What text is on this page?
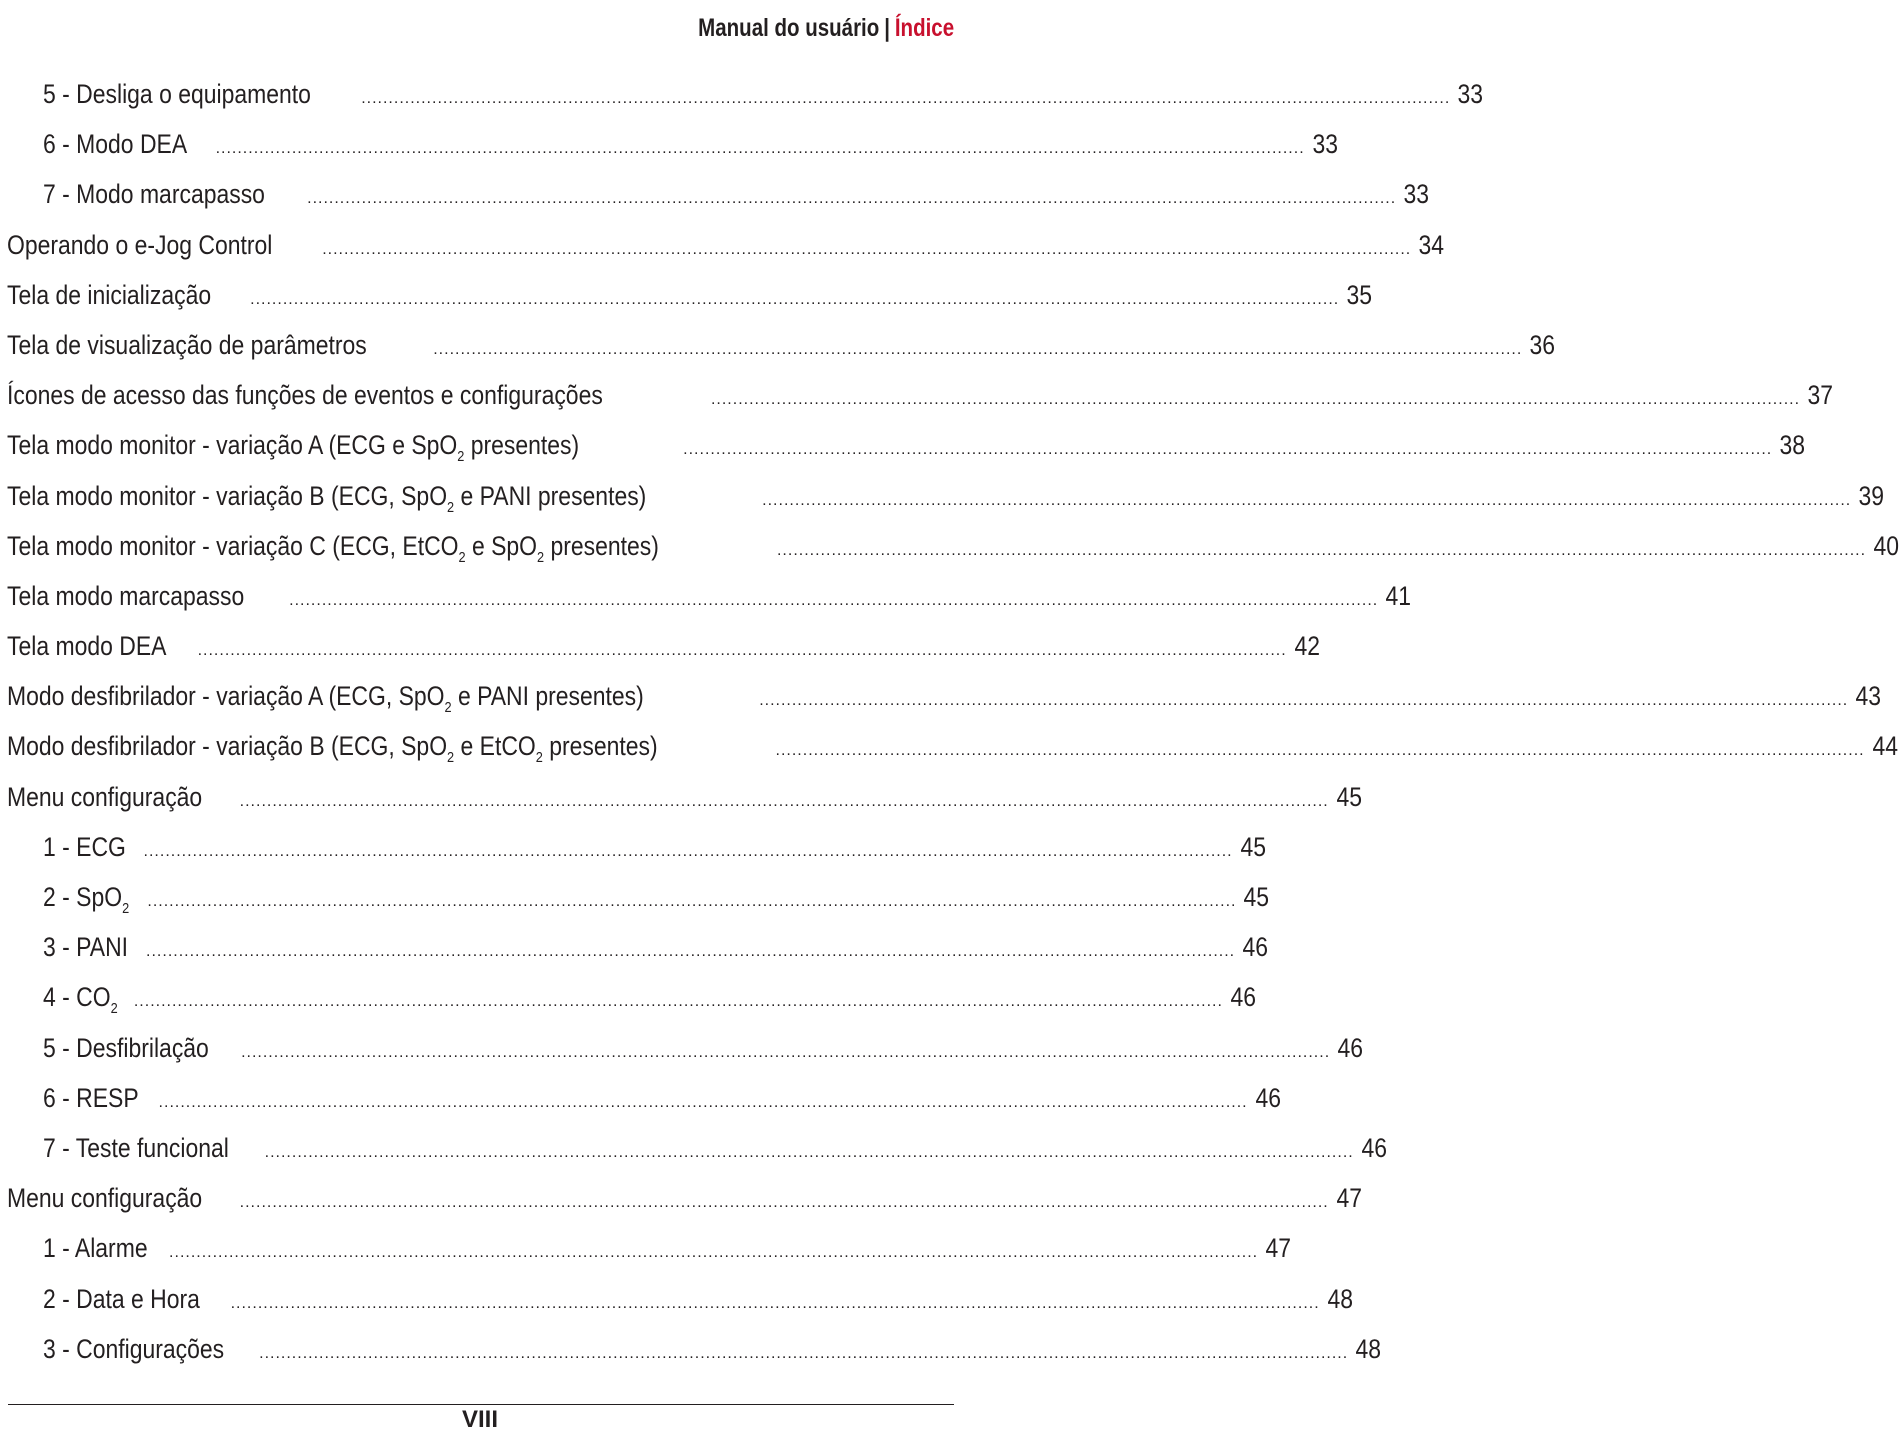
Manual do usuário | Índice
5 - Desliga o equipamento	........................................................................................................................................................................................................ 33
6 - Modo DEA ........................................................................................................................................................................................................ 33
7 - Modo marcapasso	........................................................................................................................................................................................................ 33
Operando o e-Jog Control	........................................................................................................................................................................................................ 34
Tela de inicialização ........................................................................................................................................................................................................ 35
Tela de visualização de parâmetros	........................................................................................................................................................................................................ 36
Ícones de acesso das funções de eventos e configurações	........................................................................................................................................................................................................ 37
Tela modo monitor - variação A (ECG e SpO$_2$ presentes)	........................................................................................................................................................................................................ 38
Tela modo monitor - variação B (ECG, SpO$_2$ e PANI presentes)	........................................................................................................................................................................................................ 39
Tela modo monitor - variação C (ECG, EtCO$_2$ e SpO$_2$ presentes)	........................................................................................................................................................................................................ 40
Tela modo marcapasso	........................................................................................................................................................................................................ 41
Tela modo DEA ........................................................................................................................................................................................................ 42
Modo desfibrilador - variação A (ECG, SpO$_2$ e PANI presentes)	........................................................................................................................................................................................................ 43
Modo desfibrilador - variação B (ECG, SpO$_2$ e EtCO$_2$ presentes)	........................................................................................................................................................................................................ 44
Menu configuração ........................................................................................................................................................................................................ 45
1 - ECG ........................................................................................................................................................................................................ 45
2 - SpO$_2$ ........................................................................................................................................................................................................ 45
3 - PANI ........................................................................................................................................................................................................ 46
$4 - CO_2$ ........................................................................................................................................................................................................ 46
5 - Desfibrilação ........................................................................................................................................................................................................ 46
6 - RESP ........................................................................................................................................................................................................ 46
7 - Teste funcional ........................................................................................................................................................................................................ 46
Menu configuração ........................................................................................................................................................................................................ 47
1 - Alarme ........................................................................................................................................................................................................ 47
2 - Data e Hora ........................................................................................................................................................................................................ 48
3 - Configurações ........................................................................................................................................................................................................ 48
VIII
